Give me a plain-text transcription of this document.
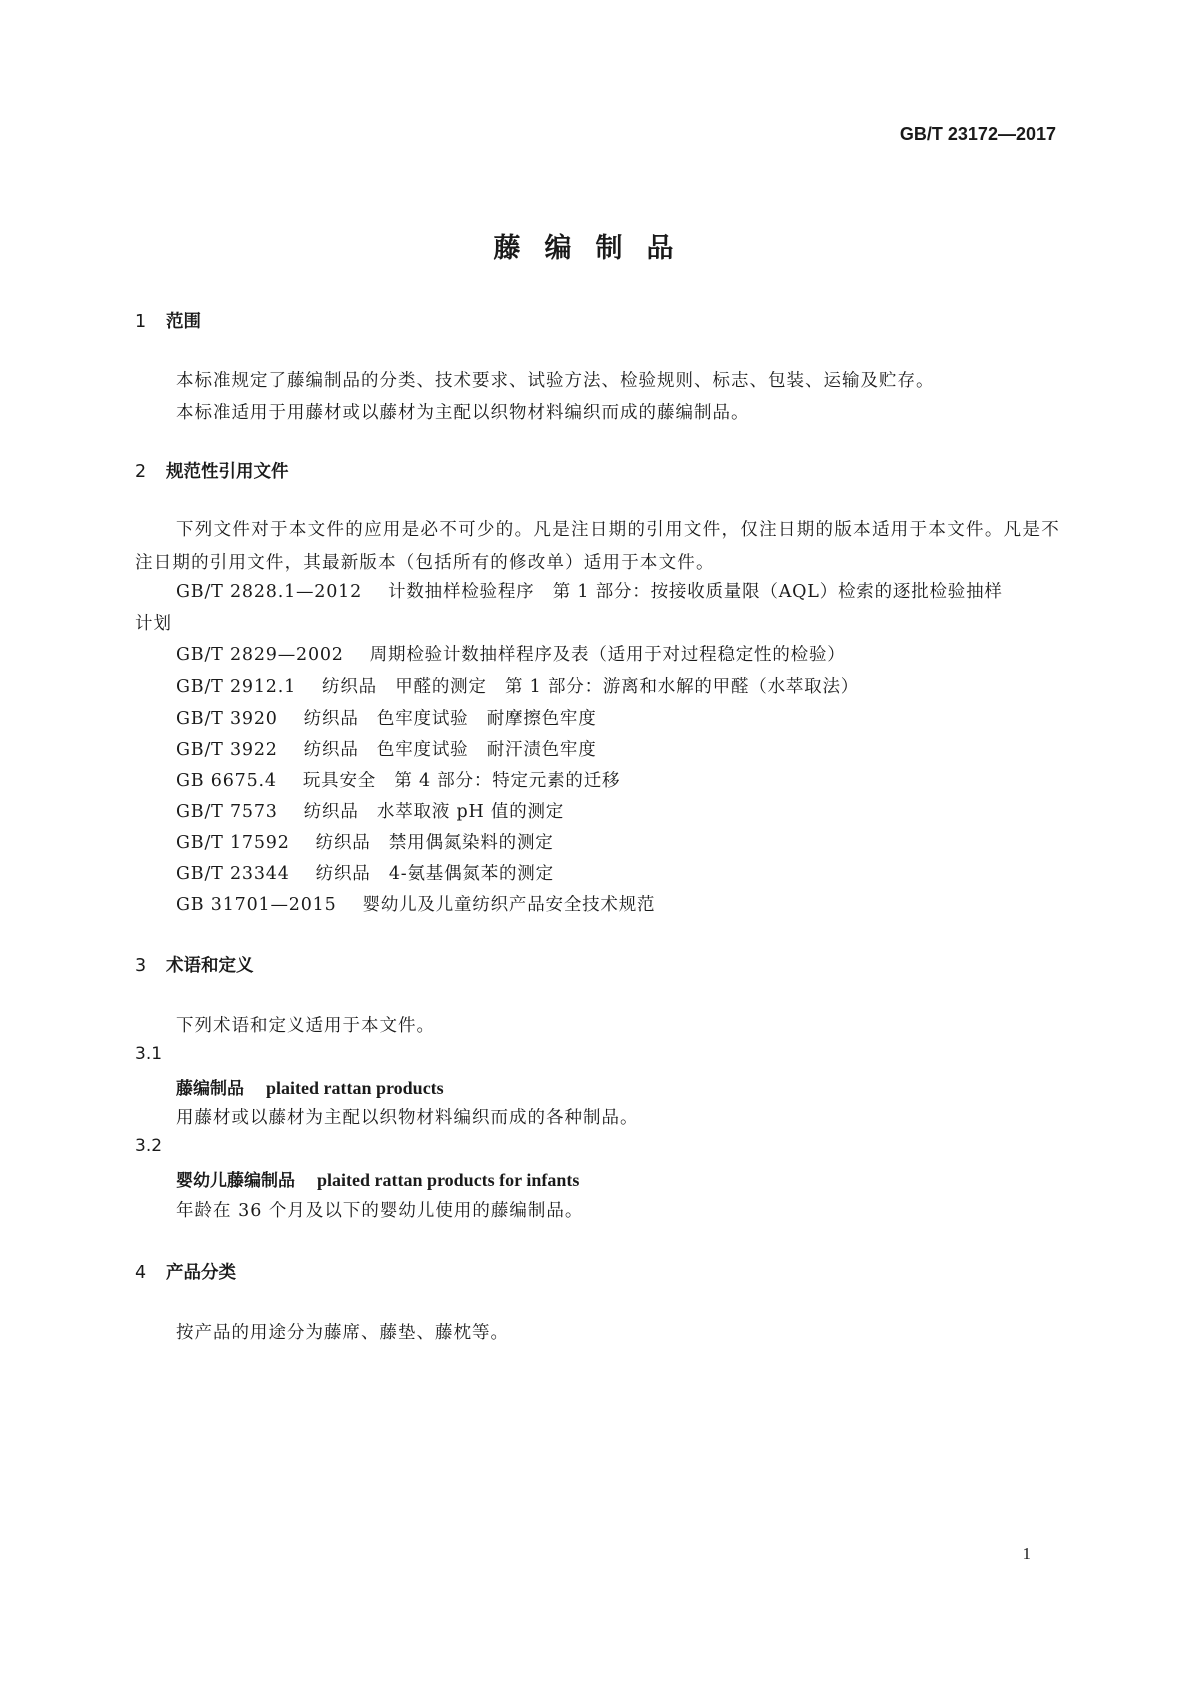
GB/T 23172—2017
藤编制品
1 范围
本标准规定了藤编制品的分类、技术要求、试验方法、检验规则、标志、包装、运输及贮存。
本标准适用于用藤材或以藤材为主配以织物材料编织而成的藤编制品。
2 规范性引用文件
下列文件对于本文件的应用是必不可少的。凡是注日期的引用文件，仅注日期的版本适用于本文件。凡是不注日期的引用文件，其最新版本（包括所有的修改单）适用于本文件。
GB/T 2828.1—2012 计数抽样检验程序　第 1 部分：按接收质量限（AQL）检索的逐批检验抽样
计划
GB/T 2829—2002 周期检验计数抽样程序及表（适用于对过程稳定性的检验）
GB/T 2912.1 纺织品　甲醛的测定　第 1 部分：游离和水解的甲醛（水萃取法）
GB/T 3920 纺织品　色牢度试验　耐摩擦色牢度
GB/T 3922 纺织品　色牢度试验　耐汗渍色牢度
GB 6675.4 玩具安全　第 4 部分：特定元素的迁移
GB/T 7573 纺织品　水萃取液 pH 值的测定
GB/T 17592 纺织品　禁用偶氮染料的测定
GB/T 23344 纺织品　4-氨基偶氮苯的测定
GB 31701—2015 婴幼儿及儿童纺织产品安全技术规范
3 术语和定义
下列术语和定义适用于本文件。
3.1
藤编制品 plaited rattan products
用藤材或以藤材为主配以织物材料编织而成的各种制品。
3.2
婴幼儿藤编制品 plaited rattan products for infants
年龄在 36 个月及以下的婴幼儿使用的藤编制品。
4 产品分类
按产品的用途分为藤席、藤垫、藤枕等。
1
